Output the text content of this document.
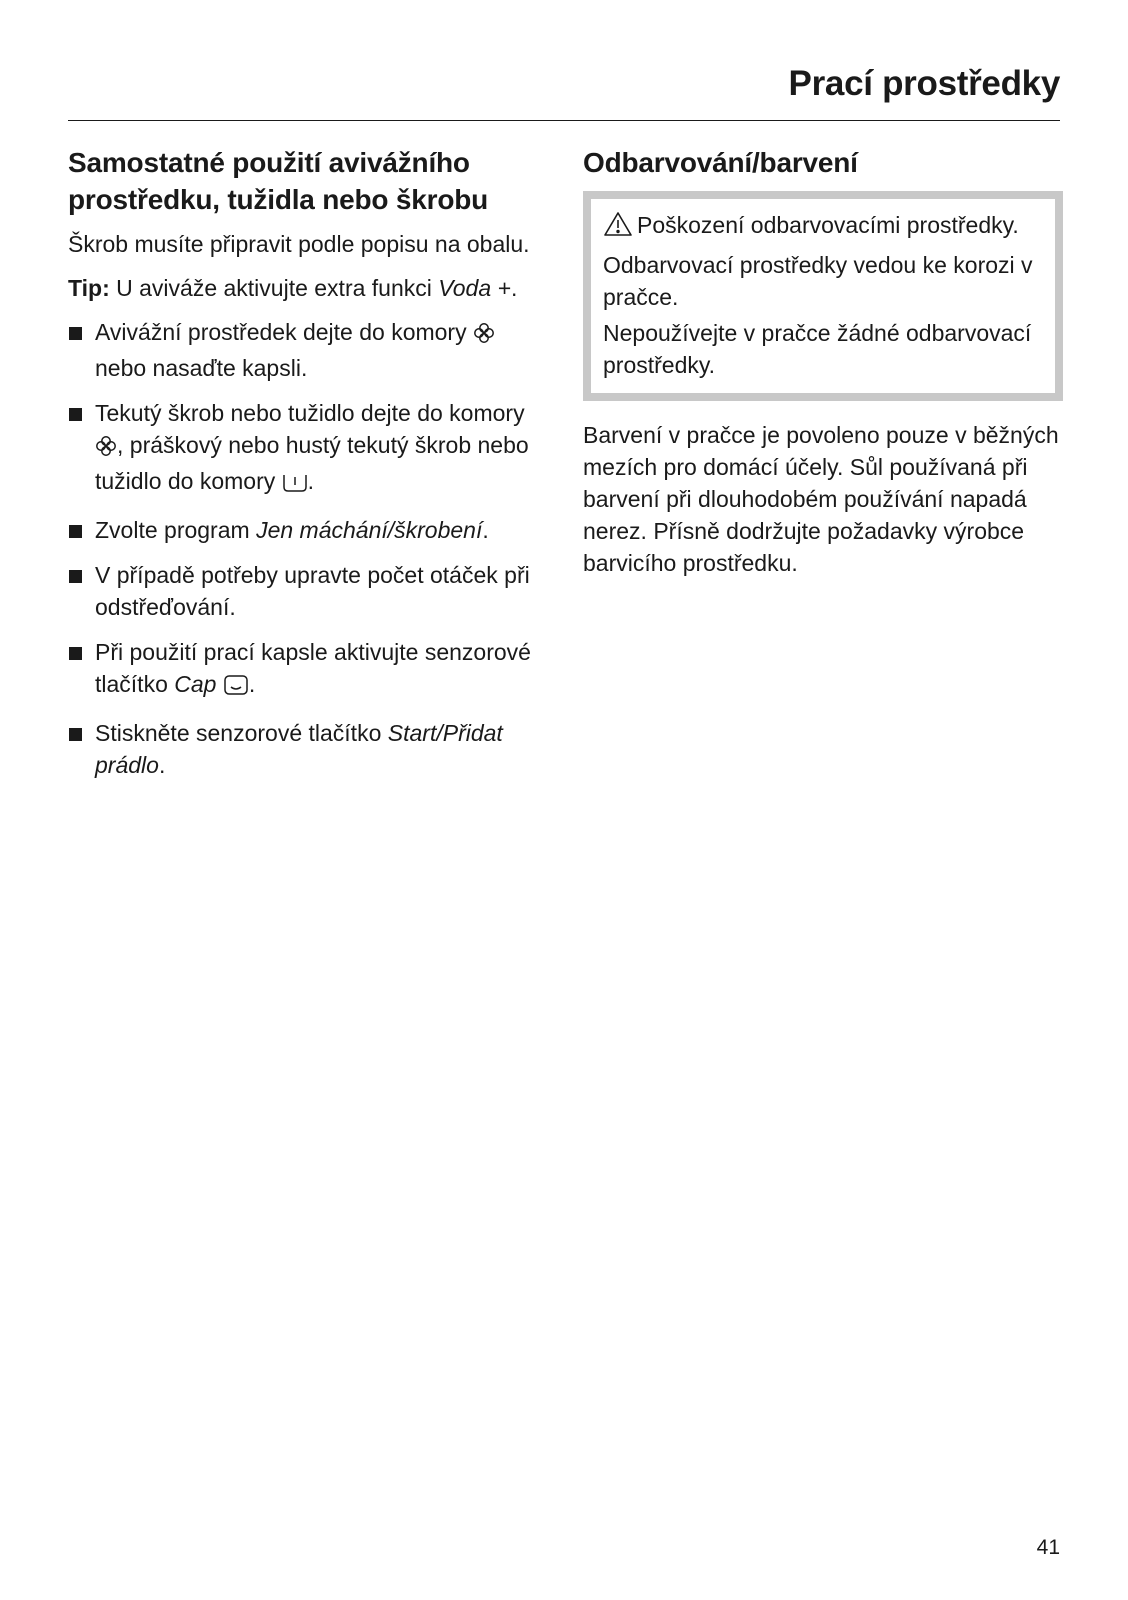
Prací prostředky
Samostatné použití avivážního prostředku, tužidla nebo škrobu

Škrob musíte připravit podle popisu na obalu.

Tip: U aviváže aktivujte extra funkci Voda +.

Avivážní prostředek dejte do komory  nebo nasaďte kapsli.
Tekutý škrob nebo tužidlo dejte do komory , práškový nebo hustý tekutý škrob nebo tužidlo do komory .
Zvolte program Jen máchání/škrobení.
V případě potřeby upravte počet otáček při odstřeďování.
Při použití prací kapsle aktivujte senzorové tlačítko Cap .
Stiskněte senzorové tlačítko Start/Přidat prádlo.
Odbarvování/barvení

Poškození odbarvovacími prostředky.

Odbarvovací prostředky vedou ke korozi v pračce.

Nepoužívejte v pračce žádné odbarvovací prostředky.

Barvení v pračce je povoleno pouze v běžných mezích pro domácí účely. Sůl používaná při barvení při dlouhodobém používání napadá nerez. Přísně dodržujte požadavky výrobce barvicího prostředku.

41
